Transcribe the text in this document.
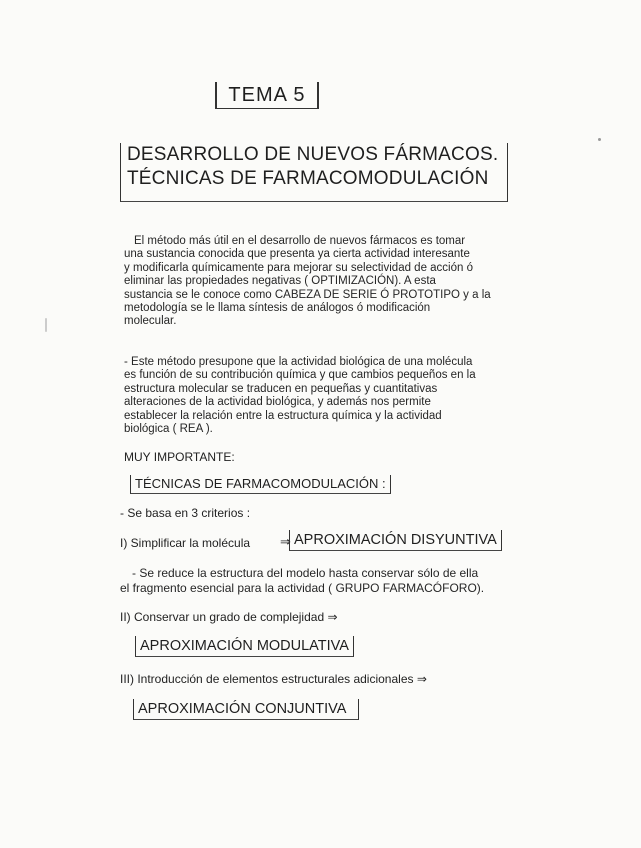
TEMA 5
DESARROLLO DE NUEVOS FÁRMACOS.
TÉCNICAS DE FARMACOMODULACIÓN
El método más útil en el desarrollo de nuevos fármacos es tomar
una sustancia conocida que presenta ya cierta actividad interesante
y modificarla químicamente para mejorar su selectividad de acción ó
eliminar las propiedades negativas ( OPTIMIZACIÓN). A esta
sustancia se le conoce como CABEZA DE SERIE Ó PROTOTIPO y a la
metodología se le llama síntesis de análogos ó modificación
molecular.
- Este método presupone que la actividad biológica de una molécula
es función de su contribución química y que cambios pequeños en la
estructura molecular se traducen en pequeñas y cuantitativas
alteraciones de la actividad biológica, y además nos permite
establecer la relación entre la estructura química y la actividad
biológica ( REA ).
MUY IMPORTANTE:
TÉCNICAS DE FARMACOMODULACIÓN :
- Se basa en 3 criterios :
I) Simplificar la molécula ⇒ APROXIMACIÓN DISYUNTIVA
- Se reduce la estructura del modelo hasta conservar sólo de ella
el fragmento esencial para la actividad ( GRUPO FARMACÓFORO).
II) Conservar un grado de complejidad ⇒
APROXIMACIÓN MODULATIVA
III) Introducción de elementos estructurales adicionales ⇒
APROXIMACIÓN CONJUNTIVA
